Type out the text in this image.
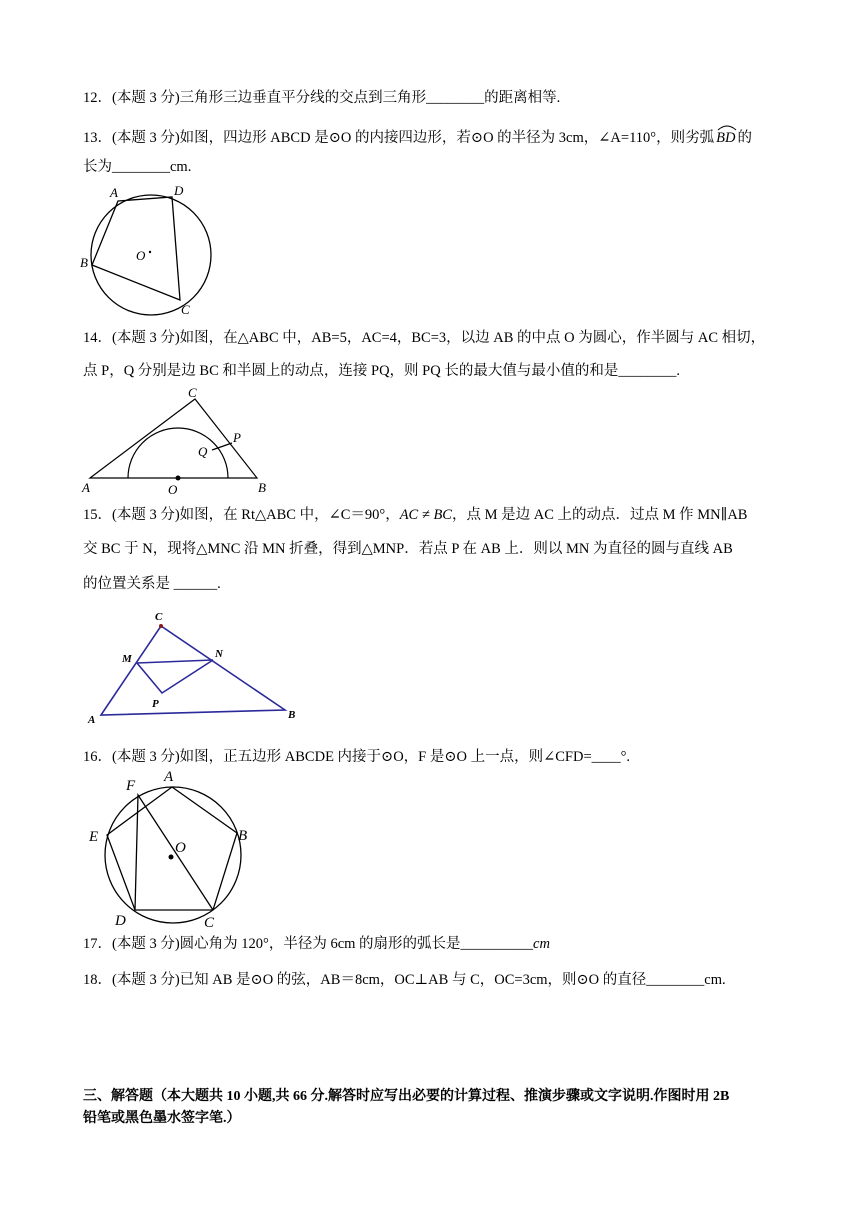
12．(本题 3 分)三角形三边垂直平分线的交点到三角形________的距离相等.
13．(本题 3 分)如图，四边形 ABCD 是⊙O 的内接四边形，若⊙O 的半径为 3cm，∠A=110°，则劣弧 BD 的
长为________cm.
A	D
B
C
O
14．(本题 3 分)如图，在△ABC 中，AB=5，AC=4，BC=3，以边 AB 的中点 O 为圆心，作半圆与 AC 相切，
点 P，Q 分别是边 BC 和半圆上的动点，连接 PQ，则 PQ 长的最大值与最小值的和是________.
C
P
Q
A	O	B
15．(本题 3 分)如图，在 Rt△ABC 中，∠C＝90°，AC ≠ BC，点 M 是边 AC 上的动点．过点 M 作 MN∥AB
交 BC 于 N，现将△MNC 沿 MN 折叠，得到△MNP．若点 P 在 AB 上．则以 MN 为直径的圆与直线 AB
的位置关系是 ______.
C
M	N
P
A	B
16．(本题 3 分)如图，正五边形 ABCDE 内接于⊙O，F 是⊙O 上一点，则∠CFD=____°.
A
F
B
E
O
D	C
17．(本题 3 分)圆心角为 120°，半径为 6cm 的扇形的弧长是__________cm
18．(本题 3 分)已知 AB 是⊙O 的弦，AB＝8cm，OC⊥AB 与 C，OC=3cm，则⊙O 的直径________cm.
三、解答题（本大题共 10 小题,共 66 分.解答时应写出必要的计算过程、推演步骤或文字说明.作图时用 2B
铅笔或黑色墨水签字笔.）
